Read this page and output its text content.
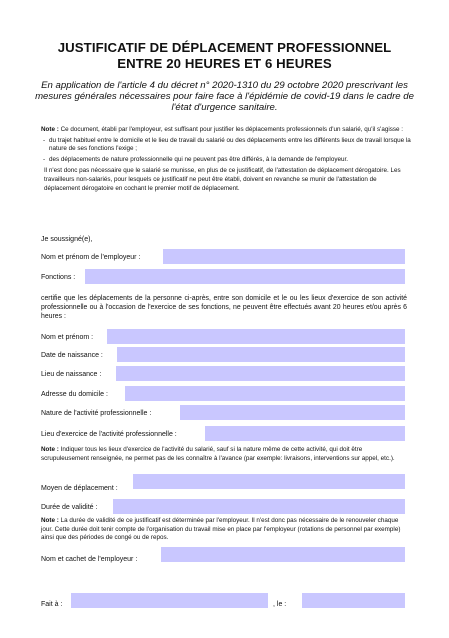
JUSTIFICATIF DE DÉPLACEMENT PROFESSIONNEL
ENTRE 20 HEURES ET 6 HEURES
En application de l'article 4 du décret n° 2020-1310 du 29 octobre 2020 prescrivant les mesures générales nécessaires pour faire face à l'épidémie de covid-19 dans le cadre de l'état d'urgence sanitaire.
Note : Ce document, établi par l'employeur, est suffisant pour justifier les déplacements professionnels d'un salarié, qu'il s'agisse :
- du trajet habituel entre le domicile et le lieu de travail du salarié ou des déplacements entre les différents lieux de travail lorsque la nature de ses fonctions l'exige ;
- des déplacements de nature professionnelle qui ne peuvent pas être différés, à la demande de l'employeur.
Il n'est donc pas nécessaire que le salarié se munisse, en plus de ce justificatif, de l'attestation de déplacement dérogatoire. Les travailleurs non-salariés, pour lesquels ce justificatif ne peut être établi, doivent en revanche se munir de l'attestation de déplacement dérogatoire en cochant le premier motif de déplacement.
Je soussigné(e),
Nom et prénom de l'employeur :
Fonctions :
certifie que les déplacements de la personne ci-après, entre son domicile et le ou les lieux d'exercice de son activité professionnelle ou à l'occasion de l'exercice de ses fonctions, ne peuvent être effectués avant 20 heures et/ou après 6 heures :
Nom et prénom :
Date de naissance :
Lieu de naissance :
Adresse du domicile :
Nature de l'activité professionnelle :
Lieu d'exercice de l'activité professionnelle :
Note : Indiquer tous les lieux d'exercice de l'activité du salarié, sauf si la nature même de cette activité, qui doit être scrupuleusement renseignée, ne permet pas de les connaître à l'avance (par exemple: livraisons, interventions sur appel, etc.).
Moyen de déplacement :
Durée de validité :
Note : La durée de validité de ce justificatif est déterminée par l'employeur. Il n'est donc pas nécessaire de le renouveler chaque jour. Cette durée doit tenir compte de l'organisation du travail mise en place par l'employeur (rotations de personnel par exemple) ainsi que des périodes de congé ou de repos.
Nom et cachet de l'employeur :
Fait à :	, le :
